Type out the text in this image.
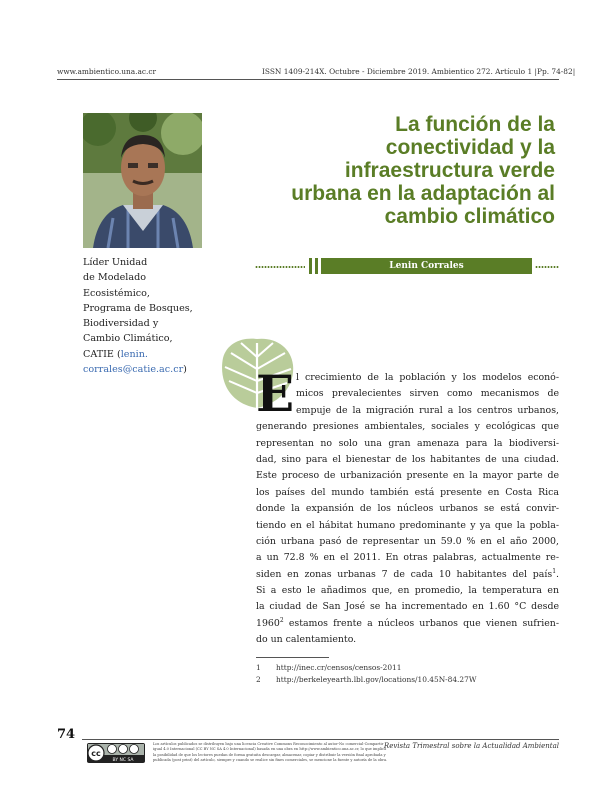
www.ambientico.una.ac.cr	ISSN 1409-214X. Octubre - Diciembre 2019. Ambientico 272. Artículo 1 |Pp. 74-82|
La función de la
conectividad y la
infraestructura verde
urbana en la adaptación al
cambio climático
Lenin Corrales
Líder Unidad
de Modelado
Ecosistémico,
Programa de Bosques,
Biodiversidad y
Cambio Climático,
CATIE (lenin.
corrales@catie.ac.cr)	E l crecimiento de la población y los modelos econó-
micos prevalecientes sirven como mecanismos de
empuje de la migración rural a los centros urbanos,
generando presiones ambientales, sociales y ecológicas que
representan no solo una gran amenaza para la biodiversi-
dad, sino para el bienestar de los habitantes de una ciudad.
Este proceso de urbanización presente en la mayor parte de
los países del mundo también está presente en Costa Rica
donde la expansión de los núcleos urbanos se está convir-
tiendo en el hábitat humano predominante y ya que la pobla-
ción urbana pasó de representar un 59.0 % en el año 2000,
a un 72.8 % en el 2011. En otras palabras, actualmente re-
siden en zonas urbanas 7 de cada 10 habitantes del país$^1$.
Si a esto le añadimos que, en promedio, la temperatura en
la ciudad de San José se ha incrementado en 1.60 °C desde
1960$^2$ estamos frente a núcleos urbanos que vienen sufrien-
do un calentamiento.
1 http://inec.cr/censos/censos-2011
2 http://berkeleyearth.lbl.gov/locations/10.45N-84.27W
74
cc
BY NC SA
Los artículos publicados se distribuyen bajo una licencia Creative Commons Reconocimiento al autor-No comercial-Compartir
igual 4.0 Internacional (CC BY NC SA 4.0 Internacional) basada en una obra en http://www.ambientico.una.ac.cr, lo que implica
la posibilidad de que los lectores puedan de forma gratuita descargar, almacenar, copiar y distribuir la versión final aprobada y
publicada (post print) del artículo, siempre y cuando se realice sin fines comerciales, se mencione la fuente y autoría de la obra.
Revista Trimestral sobre la Actualidad Ambiental
